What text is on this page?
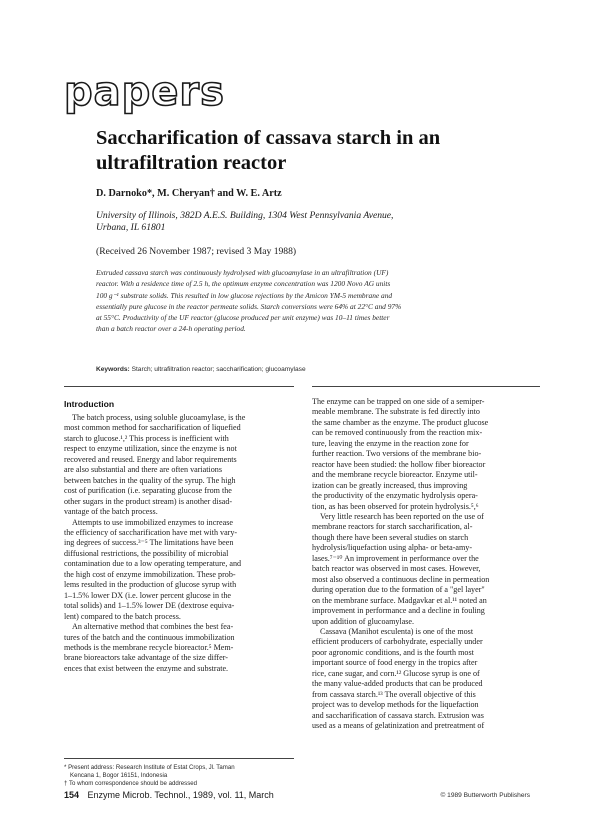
papers
Saccharification of cassava starch in an
ultrafiltration reactor
D. Darnoko*, M. Cheryan† and W. E. Artz
University of Illinois, 382D A.E.S. Building, 1304 West Pennsylvania Avenue,
Urbana, IL 61801
(Received 26 November 1987; revised 3 May 1988)
Extruded cassava starch was continuously hydrolysed with glucoamylase in an ultrafiltration (UF)
reactor. With a residence time of 2.5 h, the optimum enzyme concentration was 1200 Novo AG units
100 g⁻¹ substrate solids. This resulted in low glucose rejections by the Amicon YM-5 membrane and
essentially pure glucose in the reactor permeate solids. Starch conversions were 64% at 22°C and 97%
at 55°C. Productivity of the UF reactor (glucose produced per unit enzyme) was 10–11 times better
than a batch reactor over a 24-h operating period.
Keywords: Starch; ultrafiltration reactor; saccharification; glucoamylase
Introduction
The batch process, using soluble glucoamylase, is the
most common method for saccharification of liquefied
starch to glucose.¹,² This process is inefficient with
respect to enzyme utilization, since the enzyme is not
recovered and reused. Energy and labor requirements
are also substantial and there are often variations
between batches in the quality of the syrup. The high
cost of purification (i.e. separating glucose from the
other sugars in the product stream) is another disad-
vantage of the batch process.
Attempts to use immobilized enzymes to increase
the efficiency of saccharification have met with vary-
ing degrees of success.³⁻⁵ The limitations have been
diffusional restrictions, the possibility of microbial
contamination due to a low operating temperature, and
the high cost of enzyme immobilization. These prob-
lems resulted in the production of glucose syrup with
1–1.5% lower DX (i.e. lower percent glucose in the
total solids) and 1–1.5% lower DE (dextrose equiva-
lent) compared to the batch process.
An alternative method that combines the best fea-
tures of the batch and the continuous immobilization
methods is the membrane recycle bioreactor.⁵ Mem-
brane bioreactors take advantage of the size differ-
ences that exist between the enzyme and substrate.
The enzyme can be trapped on one side of a semiper-
meable membrane. The substrate is fed directly into
the same chamber as the enzyme. The product glucose
can be removed continuously from the reaction mix-
ture, leaving the enzyme in the reaction zone for
further reaction. Two versions of the membrane bio-
reactor have been studied: the hollow fiber bioreactor
and the membrane recycle bioreactor. Enzyme util-
ization can be greatly increased, thus improving
the productivity of the enzymatic hydrolysis opera-
tion, as has been observed for protein hydrolysis.⁵,⁶
Very little research has been reported on the use of
membrane reactors for starch saccharification, al-
though there have been several studies on starch
hydrolysis/liquefaction using alpha- or beta-amy-
lases.⁷⁻¹⁰ An improvement in performance over the
batch reactor was observed in most cases. However,
most also observed a continuous decline in permeation
during operation due to the formation of a "gel layer"
on the membrane surface. Madgavkar et al.¹¹ noted an
improvement in performance and a decline in fouling
upon addition of glucoamylase.
Cassava (Manihot esculenta) is one of the most
efficient producers of carbohydrate, especially under
poor agronomic conditions, and is the fourth most
important source of food energy in the tropics after
rice, cane sugar, and corn.¹² Glucose syrup is one of
the many value-added products that can be produced
from cassava starch.¹³ The overall objective of this
project was to develop methods for the liquefaction
and saccharification of cassava starch. Extrusion was
used as a means of gelatinization and pretreatment of
* Present address: Research Institute of Estat Crops, Jl. Taman
Kencana 1, Bogor 16151, Indonesia
† To whom correspondence should be addressed
154 Enzyme Microb. Technol., 1989, vol. 11, March	© 1989 Butterworth Publishers
